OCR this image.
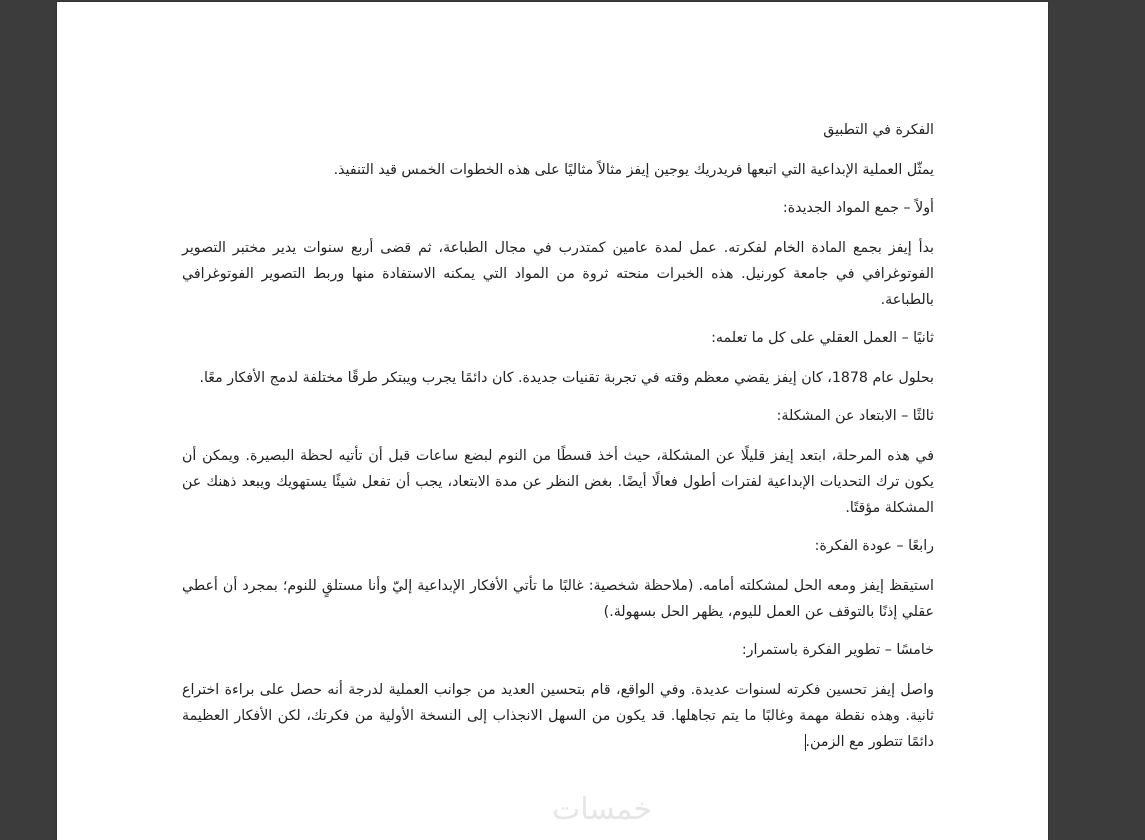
الفكرة في التطبيق

يمثّل العملية الإبداعية التي اتبعها فريدريك يوجين إيفز مثالاً مثاليًا على هذه الخطوات الخمس قيد التنفيذ.

أولاً – جمع المواد الجديدة:

بدأ إيفز بجمع المادة الخام لفكرته. عمل لمدة عامين كمتدرب في مجال الطباعة، ثم قضى أربع سنوات يدير مختبر التصوير الفوتوغرافي في جامعة كورنيل. هذه الخبرات منحته ثروة من المواد التي يمكنه الاستفادة منها وربط التصوير الفوتوغرافي بالطباعة.

ثانيًا – العمل العقلي على كل ما تعلمه:

بحلول عام 1878، كان إيفز يقضي معظم وقته في تجربة تقنيات جديدة. كان دائمًا يجرب ويبتكر طرقًا مختلفة لدمج الأفكار معًا.

ثالثًا – الابتعاد عن المشكلة:

في هذه المرحلة، ابتعد إيفز قليلًا عن المشكلة، حيث أخذ قسطًا من النوم لبضع ساعات قبل أن تأتيه لحظة البصيرة. ويمكن أن يكون ترك التحديات الإبداعية لفترات أطول فعالًا أيضًا. بغض النظر عن مدة الابتعاد، يجب أن تفعل شيئًا يستهويك ويبعد ذهنك عن المشكلة مؤقتًا.

رابعًا – عودة الفكرة:

استيقظ إيفز ومعه الحل لمشكلته أمامه. (ملاحظة شخصية: غالبًا ما تأتي الأفكار الإبداعية إليّ وأنا مستلقٍ للنوم؛ بمجرد أن أعطي عقلي إذنًا بالتوقف عن العمل لليوم، يظهر الحل بسهولة.)

خامسًا – تطوير الفكرة باستمرار:

واصل إيفز تحسين فكرته لسنوات عديدة. وفي الواقع، قام بتحسين العديد من جوانب العملية لدرجة أنه حصل على براءة اختراع ثانية. وهذه نقطة مهمة وغالبًا ما يتم تجاهلها. قد يكون من السهل الانجذاب إلى النسخة الأولية من فكرتك، لكن الأفكار العظيمة دائمًا تتطور مع الزمن.

خمسات
